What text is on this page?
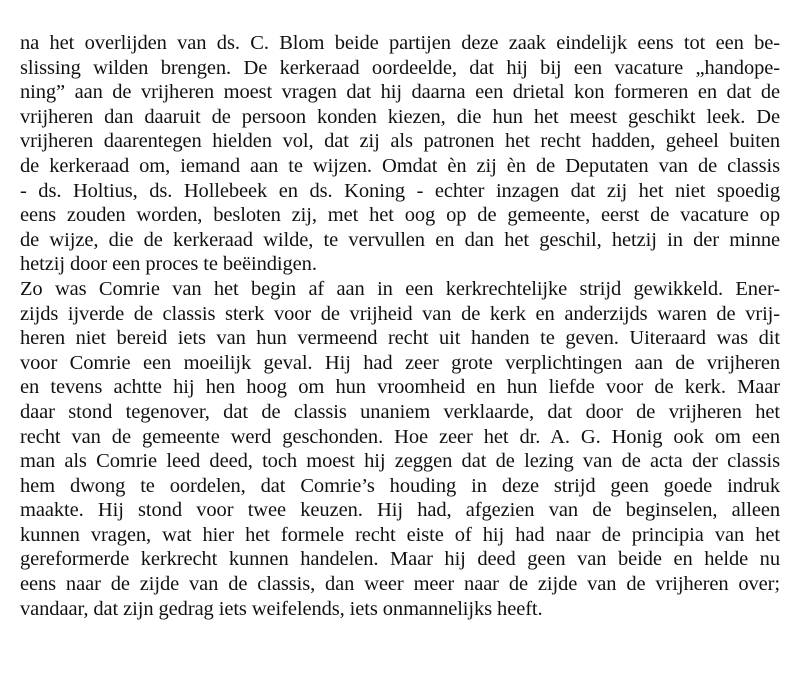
na het overlijden van ds. C. Blom beide partijen deze zaak eindelijk eens tot een be-
slissing wilden brengen. De kerkeraad oordeelde, dat hij bij een vacature „handope-
ning” aan de vrijheren moest vragen dat hij daarna een drietal kon formeren en dat de
vrijheren dan daaruit de persoon konden kiezen, die hun het meest geschikt leek. De
vrijheren daarentegen hielden vol, dat zij als patronen het recht hadden, geheel buiten
de kerkeraad om, iemand aan te wijzen. Omdat èn zij èn de Deputaten van de classis
- ds. Holtius, ds. Hollebeek en ds. Koning - echter inzagen dat zij het niet spoedig
eens zouden worden, besloten zij, met het oog op de gemeente, eerst de vacature op
de wijze, die de kerkeraad wilde, te vervullen en dan het geschil, hetzij in der minne
hetzij door een proces te beëindigen.
Zo was Comrie van het begin af aan in een kerkrechtelijke strijd gewikkeld. Ener-
zijds ijverde de classis sterk voor de vrijheid van de kerk en anderzijds waren de vrij-
heren niet bereid iets van hun vermeend recht uit handen te geven. Uiteraard was dit
voor Comrie een moeilijk geval. Hij had zeer grote verplichtingen aan de vrijheren
en tevens achtte hij hen hoog om hun vroomheid en hun liefde voor de kerk. Maar
daar stond tegenover, dat de classis unaniem verklaarde, dat door de vrijheren het
recht van de gemeente werd geschonden. Hoe zeer het dr. A. G. Honig ook om een
man als Comrie leed deed, toch moest hij zeggen dat de lezing van de acta der classis
hem dwong te oordelen, dat Comrie’s houding in deze strijd geen goede indruk
maakte. Hij stond voor twee keuzen. Hij had, afgezien van de beginselen, alleen
kunnen vragen, wat hier het formele recht eiste of hij had naar de principia van het
gereformerde kerkrecht kunnen handelen. Maar hij deed geen van beide en helde nu
eens naar de zijde van de classis, dan weer meer naar de zijde van de vrijheren over;
vandaar, dat zijn gedrag iets weifelends, iets onmannelijks heeft.
